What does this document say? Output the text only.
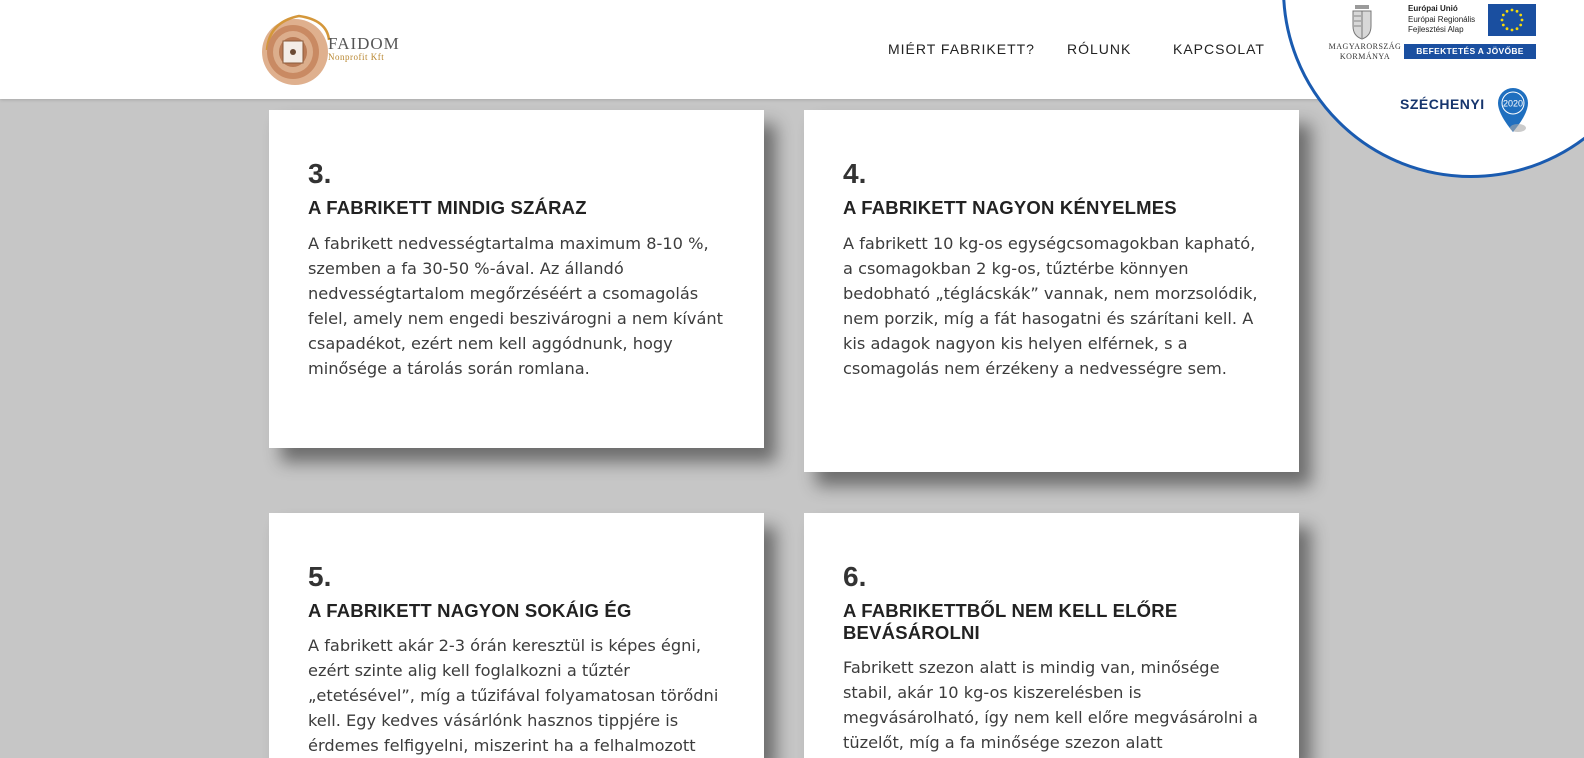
FAIDOM
Nonprofit Kft	MIÉRT FABRIKETT? RÓLUNK	KAPCSOLAT	MAGYARORSZÁG KORMÁNYA
Európai Unió
Európai Regionális
Fejlesztési Alap
BEFEKTETÉS A JÖVŐBE
SZÉCHENYI 2020
3.
A FABRIKETT MINDIG SZÁRAZ
A fabrikett nedvességtartalma maximum 8-10 %, szemben a fa 30-50 %-ával. Az állandó nedvességtartalom megőrzéséért a csomagolás felel, amely nem engedi beszivárogni a nem kívánt csapadékot, ezért nem kell aggódnunk, hogy minősége a tárolás során romlana.
4.
A FABRIKETT NAGYON KÉNYELMES
A fabrikett 10 kg-os egységcsomagokban kapható, a csomagokban 2 kg-os, tűztérbe könnyen bedobható „téglácskák” vannak, nem morzsolódik, nem porzik, míg a fát hasogatni és szárítani kell. A kis adagok nagyon kis helyen elférnek, s a csomagolás nem érzékeny a nedvességre sem.
5.
A FABRIKETT NAGYON SOKÁIG ÉG
A fabrikett akár 2-3 órán keresztül is képes égni, ezért szinte alig kell foglalkozni a tűztér „etetésével”, míg a tűzifával folyamatosan törődni kell. Egy kedves vásárlónk hasznos tippjére is érdemes felfigyelni, miszerint ha a felhalmozott
6.
A FABRIKETTBŐL NEM KELL ELŐRE BEVÁSÁROLNI
Fabrikett szezon alatt is mindig van, minősége stabil, akár 10 kg-os kiszerelésben is megvásárolható, így nem kell előre megvásárolni a tüzelőt, míg a fa minősége szezon alatt
